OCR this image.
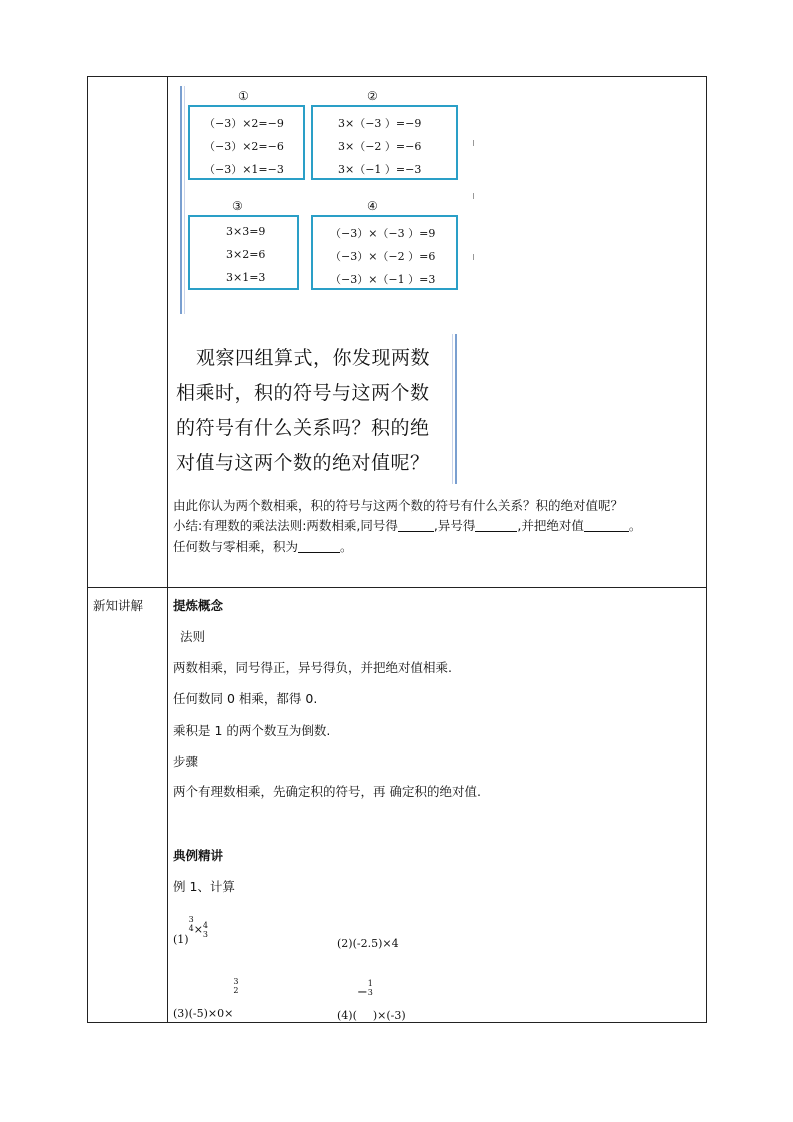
①
（−3）×2=−9
（−3）×2=−6
（−3）×1=−3
②
3×（−3 ）=−9
3×（−2 ）=−6
3×（−1 ）=−3
③
3×3=9
3×2=6
3×1=3
④
（−3）×（−3 ）=9
（−3）×（−2 ）=6
（−3）×（−1 ）=3
观察四组算式，你发现两数
相乘时，积的符号与这两个数
的符号有什么关系吗？积的绝
对值与这两个数的绝对值呢？
由此你认为两个数相乘，积的符号与这两个数的符号有什么关系？积的绝对值呢？
小结:有理数的乘法法则:两数相乘,同号得	,异号得	,并把绝对值	。
任何数与零相乘，积为	。
新知讲解 提炼概念
法则
两数相乘，同号得正，异号得负，并把绝对值相乘.
任何数同 0 相乘，都得 0.
乘积是 1 的两个数互为倒数.
步骤
两个有理数相乘，先确定积的符号，再 确定积的绝对值.
典例精讲
例 1、计算
(1)
3
4 × 4
3
(2)(-2.5)×4
(3)(-5)×0×
3
2
(4)(−
1
3
)×(-3)
